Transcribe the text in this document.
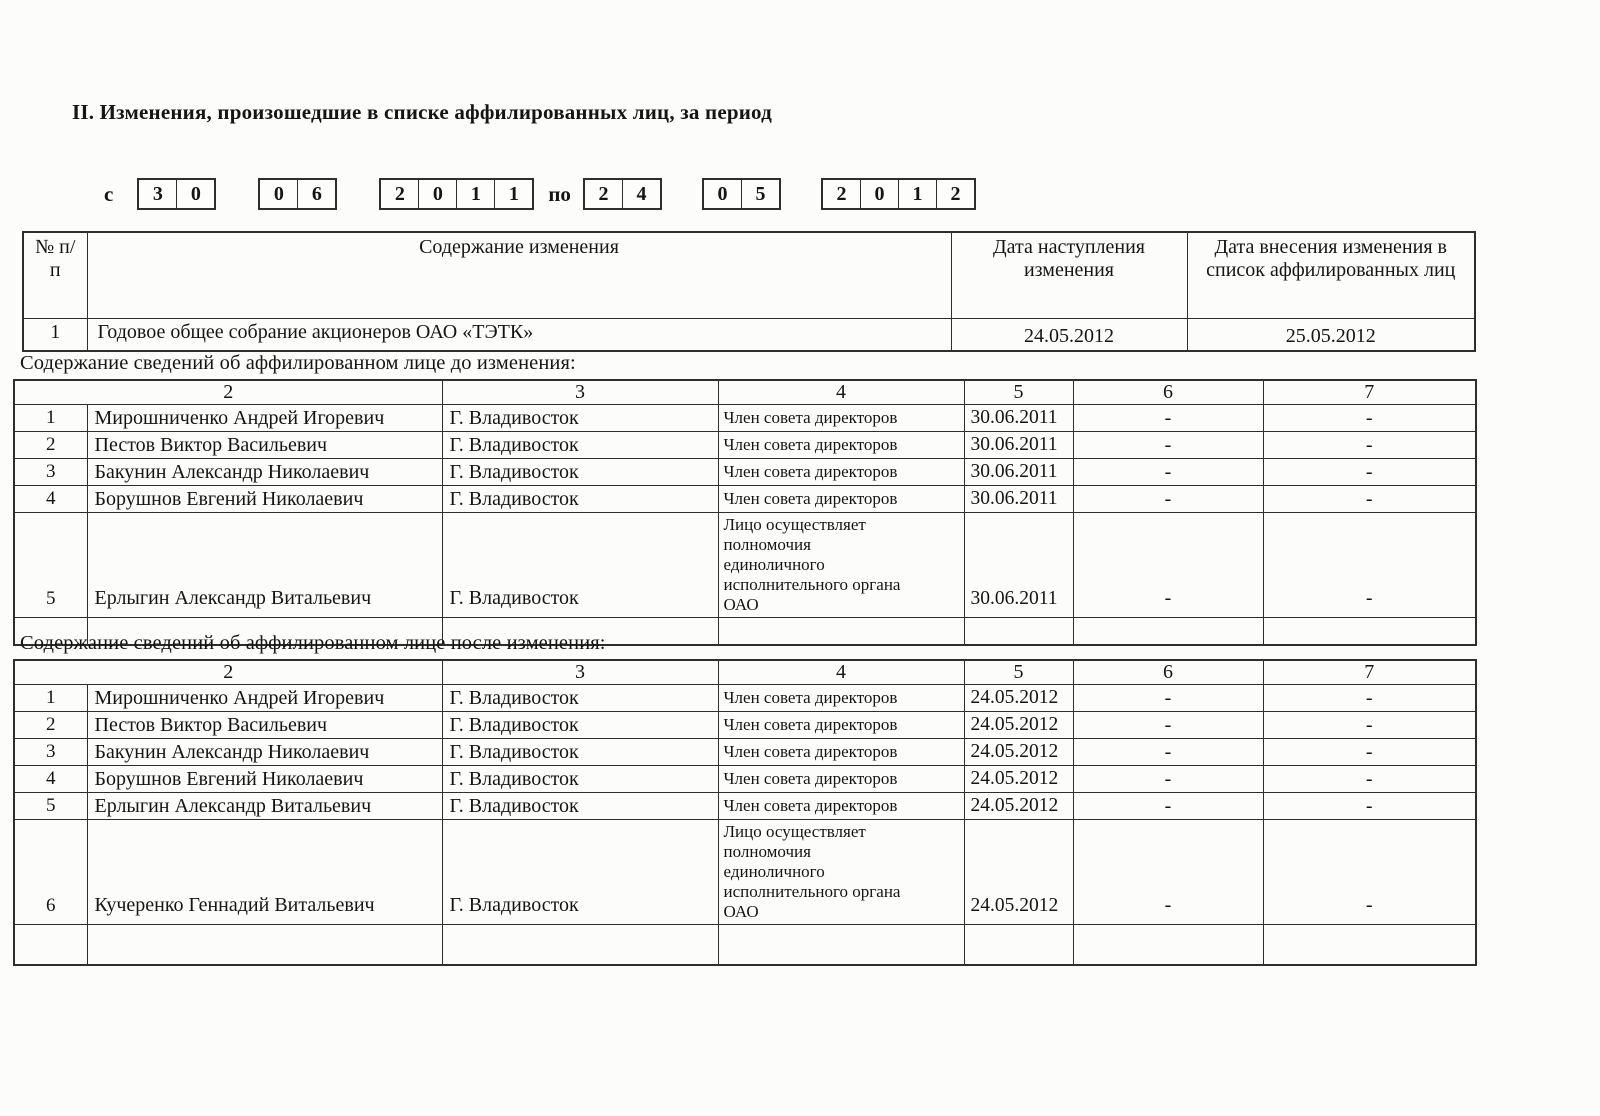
II. Изменения, произошедшие в списке аффилированных лиц, за период
с	3	0	0	6	2	0	1	1	по	2	4	0	5	2	0	1	2
№ п/п	Содержание изменения	Дата наступления изменения	Дата внесения изменения в список аффилированных лиц
1	Годовое общее собрание акционеров ОАО «ТЭТК»	24.05.2012	25.05.2012
Содержание сведений об аффилированном лице до изменения:
2		3	4	5	6	7
1	Мирошниченко Андрей Игоревич	Г. Владивосток	Член совета директоров	30.06.2011	-	-
2	Пестов Виктор Васильевич	Г. Владивосток	Член совета директоров	30.06.2011	-	-
3	Бакунин Александр Николаевич	Г. Владивосток	Член совета директоров	30.06.2011	-	-
4	Борушнов Евгений Николаевич	Г. Владивосток	Член совета директоров	30.06.2011	-	-
5	Ерлыгин Александр Витальевич	Г. Владивосток	Лицо осуществляет полномочия единоличного исполнительного органа ОАО	30.06.2011	-	-

Содержание сведений об аффилированном лице после изменения:
2		3	4	5	6	7
1	Мирошниченко Андрей Игоревич	Г. Владивосток	Член совета директоров	24.05.2012	-	-
2	Пестов Виктор Васильевич	Г. Владивосток	Член совета директоров	24.05.2012	-	-
3	Бакунин Александр Николаевич	Г. Владивосток	Член совета директоров	24.05.2012	-	-
4	Борушнов Евгений Николаевич	Г. Владивосток	Член совета директоров	24.05.2012	-	-
5	Ерлыгин Александр Витальевич	Г. Владивосток	Член совета директоров	24.05.2012	-	-
6	Кучеренко Геннадий Витальевич	Г. Владивосток	Лицо осуществляет полномочия единоличного исполнительного органа ОАО	24.05.2012	-	-
